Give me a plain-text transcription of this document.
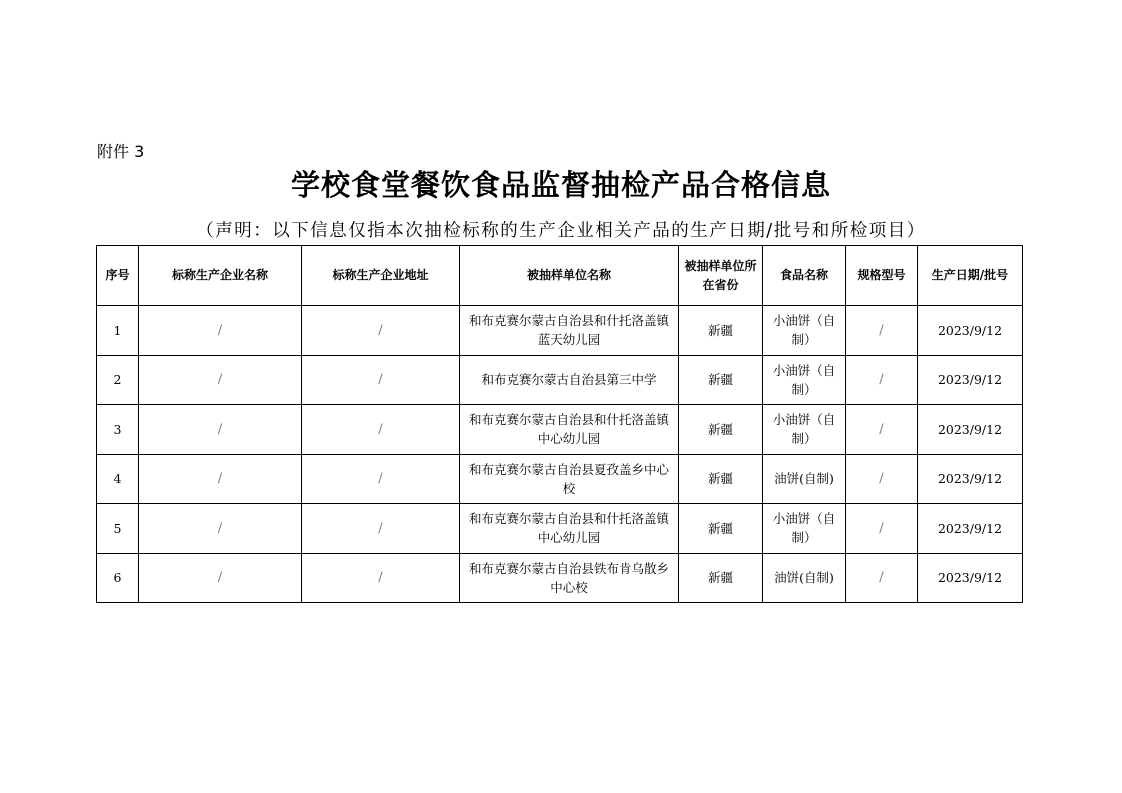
附件 3
学校食堂餐饮食品监督抽检产品合格信息
（声明：以下信息仅指本次抽检标称的生产企业相关产品的生产日期/批号和所检项目）
序号	标称生产企业名称	标称生产企业地址	被抽样单位名称	被抽样单位所在省份	食品名称	规格型号	生产日期/批号
1	/	/	和布克赛尔蒙古自治县和什托洛盖镇蓝天幼儿园	新疆	小油饼（自制）	/	2023/9/12
2	/	/	和布克赛尔蒙古自治县第三中学	新疆	小油饼（自制）	/	2023/9/12
3	/	/	和布克赛尔蒙古自治县和什托洛盖镇中心幼儿园	新疆	小油饼（自制）	/	2023/9/12
4	/	/	和布克赛尔蒙古自治县夏孜盖乡中心校	新疆	油饼(自制)	/	2023/9/12
5	/	/	和布克赛尔蒙古自治县和什托洛盖镇中心幼儿园	新疆	小油饼（自制）	/	2023/9/12
6	/	/	和布克赛尔蒙古自治县铁布肯乌散乡中心校	新疆	油饼(自制)	/	2023/9/12
